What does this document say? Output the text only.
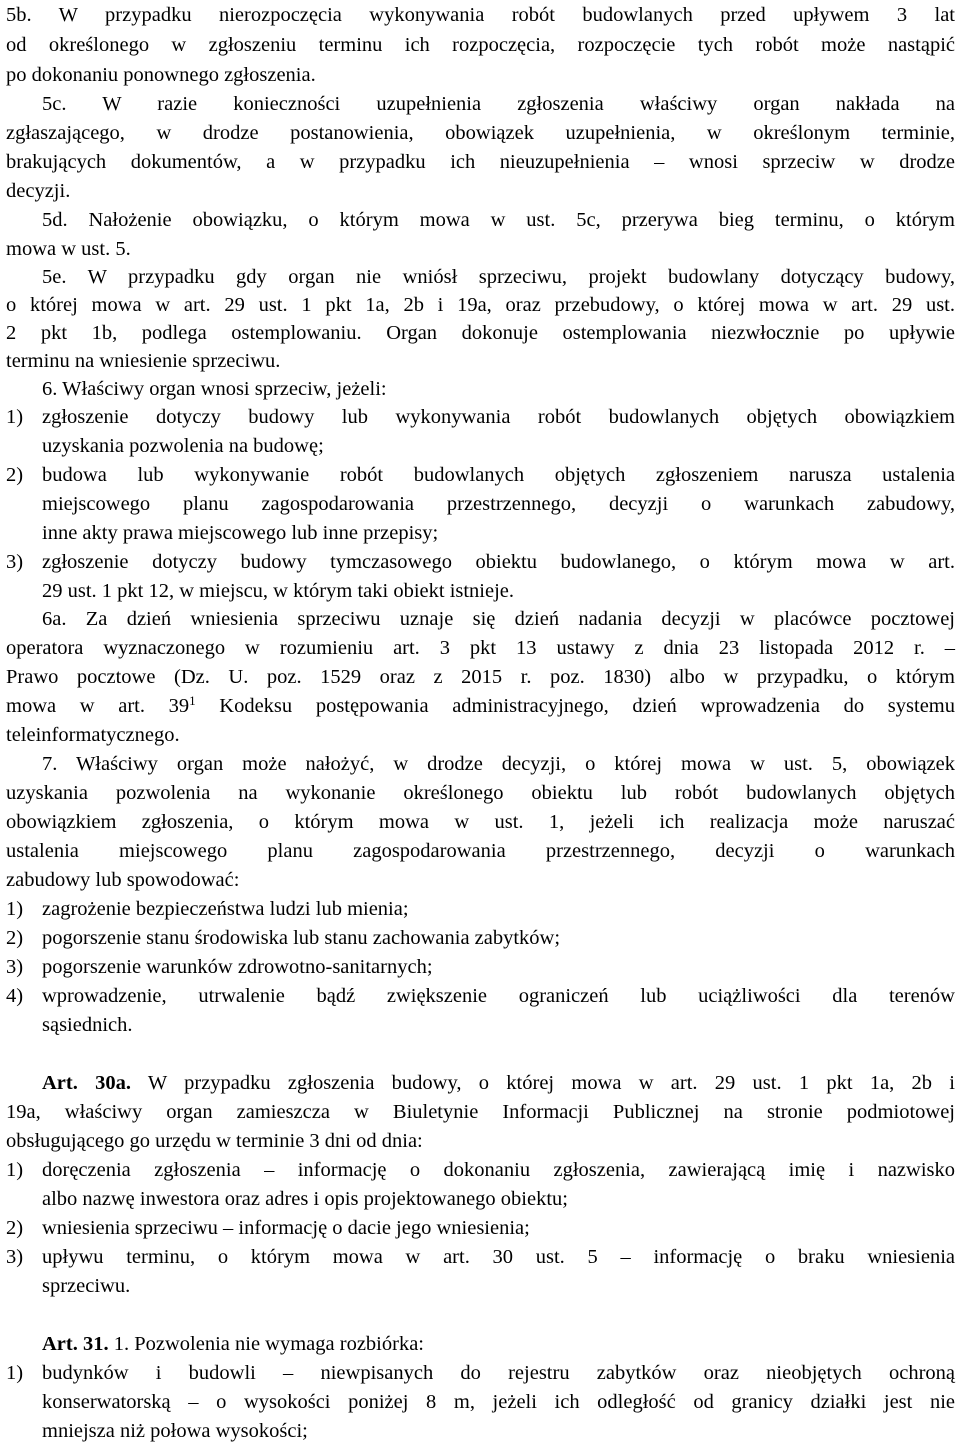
5b. W przypadku nierozpoczęcia wykonywania robót budowlanych przed upływem 3 lat
od określonego w zgłoszeniu terminu ich rozpoczęcia, rozpoczęcie tych robót może nastąpić
po dokonaniu ponownego zgłoszenia.
5c. W razie konieczności uzupełnienia zgłoszenia właściwy organ nakłada na
zgłaszającego, w drodze postanowienia, obowiązek uzupełnienia, w określonym terminie,
brakujących dokumentów, a w przypadku ich nieuzupełnienia – wnosi sprzeciw w drodze
decyzji.
5d. Nałożenie obowiązku, o którym mowa w ust. 5c, przerywa bieg terminu, o którym
mowa w ust. 5.
5e. W przypadku gdy organ nie wniósł sprzeciwu, projekt budowlany dotyczący budowy,
o której mowa w art. 29 ust. 1 pkt 1a, 2b i 19a, oraz przebudowy, o której mowa w art. 29 ust.
2 pkt 1b, podlega ostemplowaniu. Organ dokonuje ostemplowania niezwłocznie po upływie
terminu na wniesienie sprzeciwu.
6. Właściwy organ wnosi sprzeciw, jeżeli:
1) zgłoszenie dotyczy budowy lub wykonywania robót budowlanych objętych obowiązkiem
uzyskania pozwolenia na budowę;
2) budowa lub wykonywanie robót budowlanych objętych zgłoszeniem narusza ustalenia
miejscowego planu zagospodarowania przestrzennego, decyzji o warunkach zabudowy,
inne akty prawa miejscowego lub inne przepisy;
3) zgłoszenie dotyczy budowy tymczasowego obiektu budowlanego, o którym mowa w art.
29 ust. 1 pkt 12, w miejscu, w którym taki obiekt istnieje.
6a. Za dzień wniesienia sprzeciwu uznaje się dzień nadania decyzji w placówce pocztowej
operatora wyznaczonego w rozumieniu art. 3 pkt 13 ustawy z dnia 23 listopada 2012 r. –
Prawo pocztowe (Dz. U. poz. 1529 oraz z 2015 r. poz. 1830) albo w przypadku, o którym
mowa w art. $39^1$ Kodeksu postępowania administracyjnego, dzień wprowadzenia do systemu
teleinformatycznego.
7. Właściwy organ może nałożyć, w drodze decyzji, o której mowa w ust. 5, obowiązek
uzyskania pozwolenia na wykonanie określonego obiektu lub robót budowlanych objętych
obowiązkiem zgłoszenia, o którym mowa w ust. 1, jeżeli ich realizacja może naruszać
ustalenia miejscowego planu zagospodarowania przestrzennego, decyzji o warunkach
zabudowy lub spowodować:
1) zagrożenie bezpieczeństwa ludzi lub mienia;
2) pogorszenie stanu środowiska lub stanu zachowania zabytków;
3) pogorszenie warunków zdrowotno-sanitarnych;
4) wprowadzenie, utrwalenie bądź zwiększenie ograniczeń lub uciążliwości dla terenów
sąsiednich.
Art. 30a. W przypadku zgłoszenia budowy, o której mowa w art. 29 ust. 1 pkt 1a, 2b i
19a, właściwy organ zamieszcza w Biuletynie Informacji Publicznej na stronie podmiotowej
obsługującego go urzędu w terminie 3 dni od dnia:
1) doręczenia zgłoszenia – informację o dokonaniu zgłoszenia, zawierającą imię i nazwisko
albo nazwę inwestora oraz adres i opis projektowanego obiektu;
2) wniesienia sprzeciwu – informację o dacie jego wniesienia;
3) upływu terminu, o którym mowa w art. 30 ust. 5 – informację o braku wniesienia
sprzeciwu.
Art. 31. 1. Pozwolenia nie wymaga rozbiórka:
1) budynków i budowli – niewpisanych do rejestru zabytków oraz nieobjętych ochroną
konserwatorską – o wysokości poniżej 8 m, jeżeli ich odległość od granicy działki jest nie
mniejsza niż połowa wysokości;
